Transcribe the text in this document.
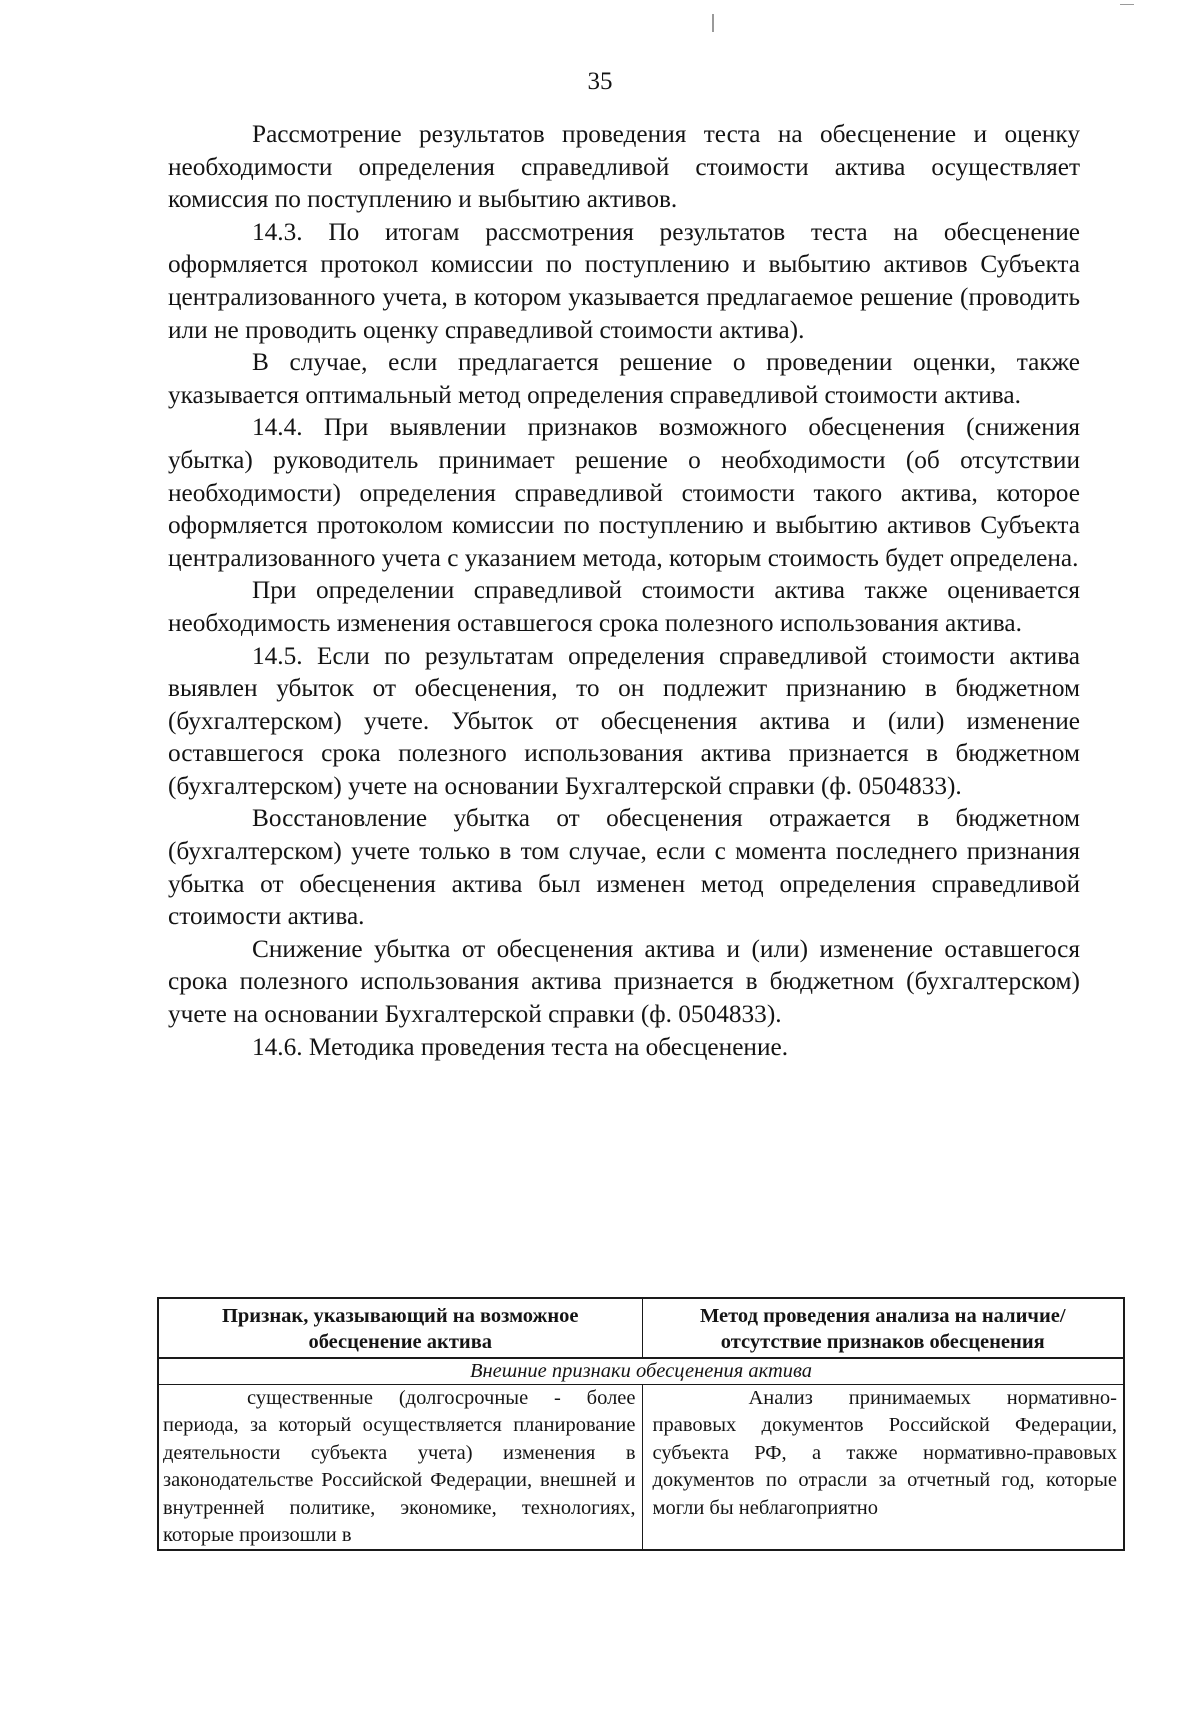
35

Рассмотрение результатов проведения теста на обесценение и оценку необходимости определения справедливой стоимости актива осуществляет комиссия по поступлению и выбытию активов.

14.3. По итогам рассмотрения результатов теста на обесценение оформляется протокол комиссии по поступлению и выбытию активов Субъекта централизованного учета, в котором указывается предлагаемое решение (проводить или не проводить оценку справедливой стоимости актива).

В случае, если предлагается решение о проведении оценки, также указывается оптимальный метод определения справедливой стоимости актива.

14.4. При выявлении признаков возможного обесценения (снижения убытка) руководитель принимает решение о необходимости (об отсутствии необходимости) определения справедливой стоимости такого актива, которое оформляется протоколом комиссии по поступлению и выбытию активов Субъекта централизованного учета с указанием метода, которым стоимость будет определена.

При определении справедливой стоимости актива также оценивается необходимость изменения оставшегося срока полезного использования актива.

14.5. Если по результатам определения справедливой стоимости актива выявлен убыток от обесценения, то он подлежит признанию в бюджетном (бухгалтерском) учете. Убыток от обесценения актива и (или) изменение оставшегося срока полезного использования актива признается в бюджетном (бухгалтерском) учете на основании Бухгалтерской справки (ф. 0504833).

Восстановление убытка от обесценения отражается в бюджетном (бухгалтерском) учете только в том случае, если с момента последнего признания убытка от обесценения актива был изменен метод определения справедливой стоимости актива.

Снижение убытка от обесценения актива и (или) изменение оставшегося срока полезного использования актива признается в бюджетном (бухгалтерском) учете на основании Бухгалтерской справки (ф. 0504833).

14.6. Методика проведения теста на обесценение.

Признак, указывающий на возможное обесценение актива	Метод проведения анализа на наличие/отсутствие признаков обесценения
Внешние признаки обесценения актива	
существенные (долгосрочные - более периода, за который осуществляется планирование деятельности субъекта учета) изменения в законодательстве Российской Федерации, внешней и внутренней политике, экономике, технологиях, которые произошли в	Анализ принимаемых нормативно-правовых документов Российской Федерации, субъекта РФ, а также нормативно-правовых документов по отрасли за отчетный год, которые могли бы неблагоприятно
